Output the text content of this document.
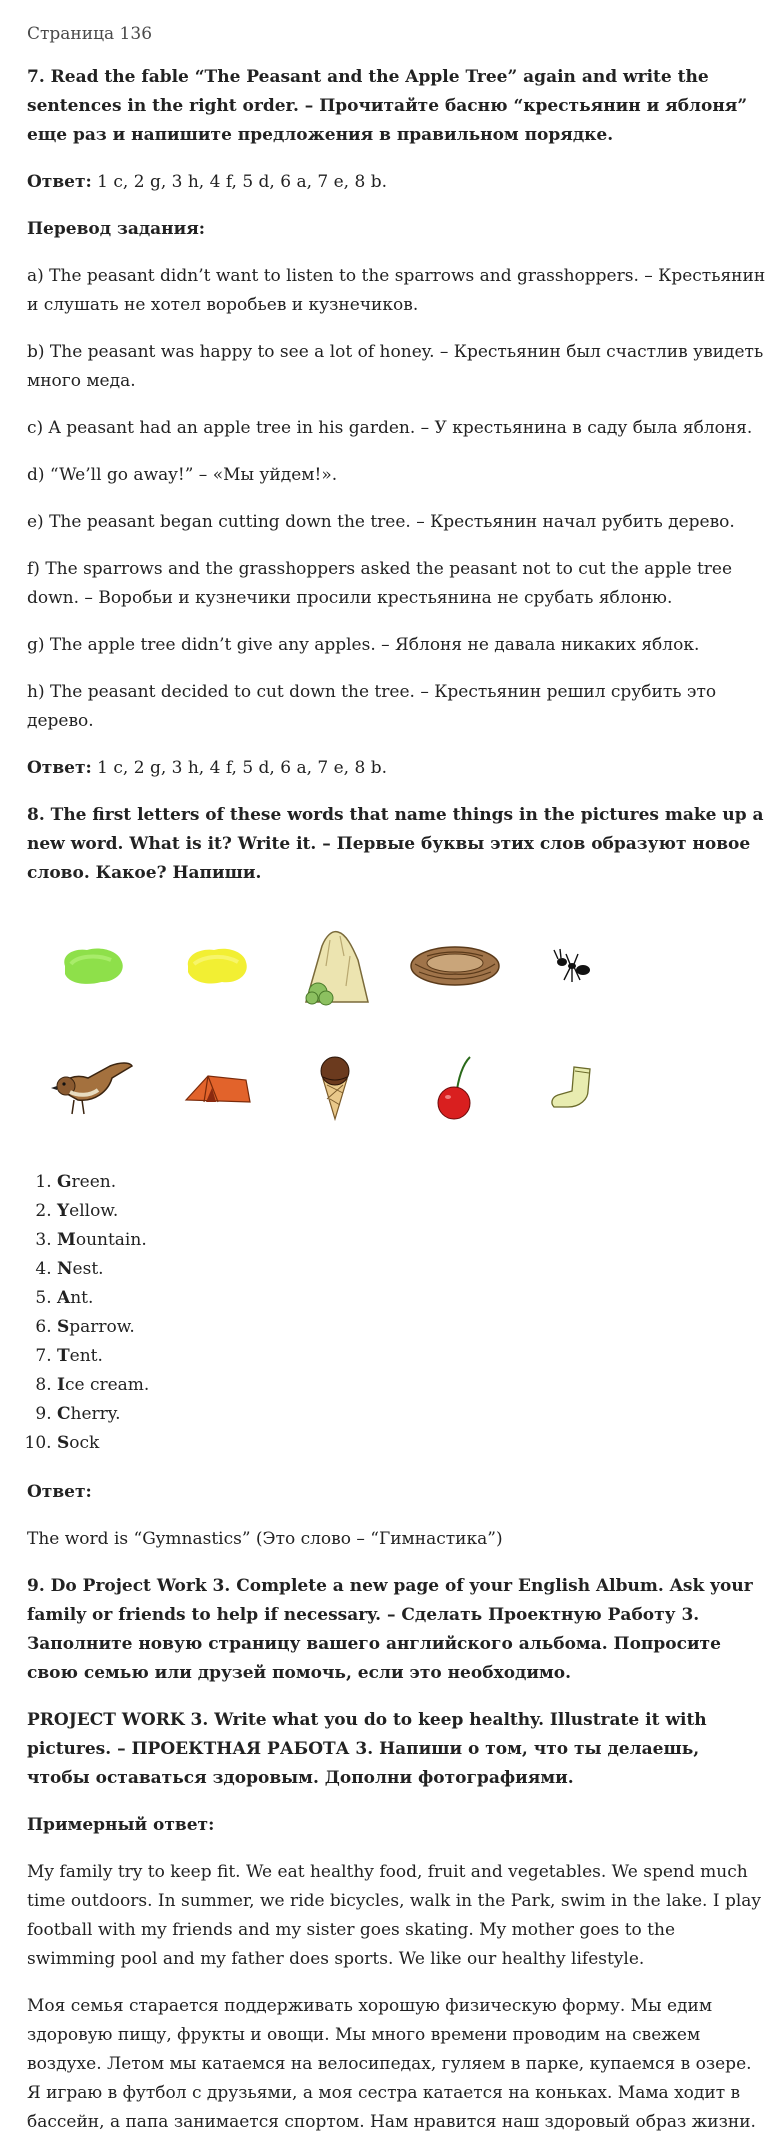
Страница 136

7. Read the fable “The Peasant and the Apple Tree” again and write the sentences in the right order. – Прочитайте басню “крестьянин и яблоня” еще раз и напишите предложения в правильном порядке.

Ответ: 1 c, 2 g, 3 h, 4 f, 5 d, 6 a, 7 e, 8 b.

Перевод задания:

a) The peasant didn’t want to listen to the sparrows and grasshoppers. – Крестьянин и слушать не хотел воробьев и кузнечиков.

b) The peasant was happy to see a lot of honey. – Крестьянин был счастлив увидеть много меда.

c) A peasant had an apple tree in his garden. – У крестьянина в саду была яблоня.

d) “We’ll go away!” – «Мы уйдем!».

e) The peasant began cutting down the tree. – Крестьянин начал рубить дерево.

f) The sparrows and the grasshoppers asked the peasant not to cut the apple tree down. – Воробьи и кузнечики просили крестьянина не срубать яблоню.

g) The apple tree didn’t give any apples. – Яблоня не давала никаких яблок.

h) The peasant decided to cut down the tree. – Крестьянин решил срубить это дерево.

Ответ: 1 c, 2 g, 3 h, 4 f, 5 d, 6 a, 7 e, 8 b.

8. The first letters of these words that name things in the pictures make up a new word. What is it? Write it. – Первые буквы этих слов образуют новое слово. Какое? Напиши.

1. Green.
2. Yellow.
3. Mountain.
4. Nest.
5. Ant.
6. Sparrow.
7. Tent.
8. Ice cream.
9. Cherry.
10. Sock

Ответ:

The word is “Gymnastics” (Это слово – “Гимнастика”)

9. Do Project Work 3. Complete a new page of your English Album. Ask your family or friends to help if necessary. – Сделать Проектную Работу 3. Заполните новую страницу вашего английского альбома. Попросите свою семью или друзей помочь, если это необходимо.

PROJECT WORK 3. Write what you do to keep healthy. Illustrate it with pictures. – ПРОЕКТНАЯ РАБОТА 3. Напиши о том, что ты делаешь, чтобы оставаться здоровым. Дополни фотографиями.

Примерный ответ:

My family try to keep fit. We eat healthy food, fruit and vegetables. We spend much time outdoors. In summer, we ride bicycles, walk in the Park, swim in the lake. I play football with my friends and my sister goes skating. My mother goes to the swimming pool and my father does sports. We like our healthy lifestyle.

Моя семья старается поддерживать хорошую физическую форму. Мы едим здоровую пищу, фрукты и овощи. Мы много времени проводим на свежем воздухе. Летом мы катаемся на велосипедах, гуляем в парке, купаемся в озере. Я играю в футбол с друзьями, а моя сестра катается на коньках. Мама ходит в бассейн, а папа занимается спортом. Нам нравится наш здоровый образ жизни.
